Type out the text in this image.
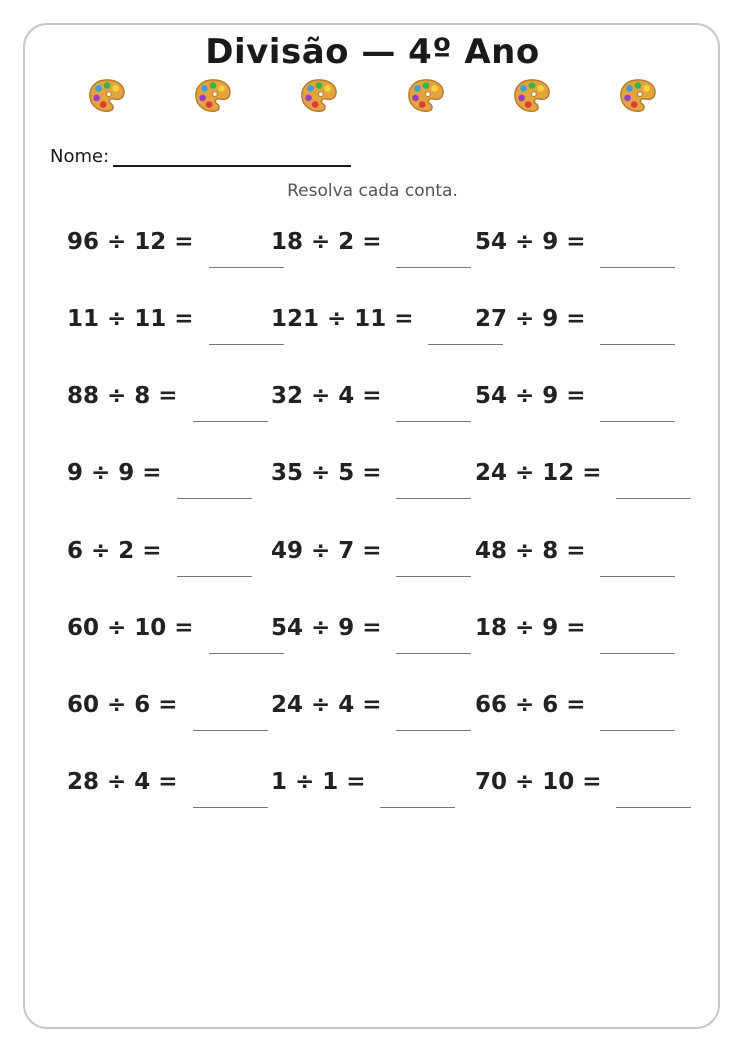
Divisão — 4º Ano
Nome:
Resolva cada conta.
96 ÷ 12 =	18 ÷ 2 =	54 ÷ 9 =
11 ÷ 11 =	121 ÷ 11 =	27 ÷ 9 =
88 ÷ 8 =	32 ÷ 4 =	54 ÷ 9 =
9 ÷ 9 =	35 ÷ 5 =	24 ÷ 12 =
6 ÷ 2 =	49 ÷ 7 =	48 ÷ 8 =
60 ÷ 10 =	54 ÷ 9 =	18 ÷ 9 =
60 ÷ 6 =	24 ÷ 4 =	66 ÷ 6 =
28 ÷ 4 =	1 ÷ 1 =	70 ÷ 10 =
